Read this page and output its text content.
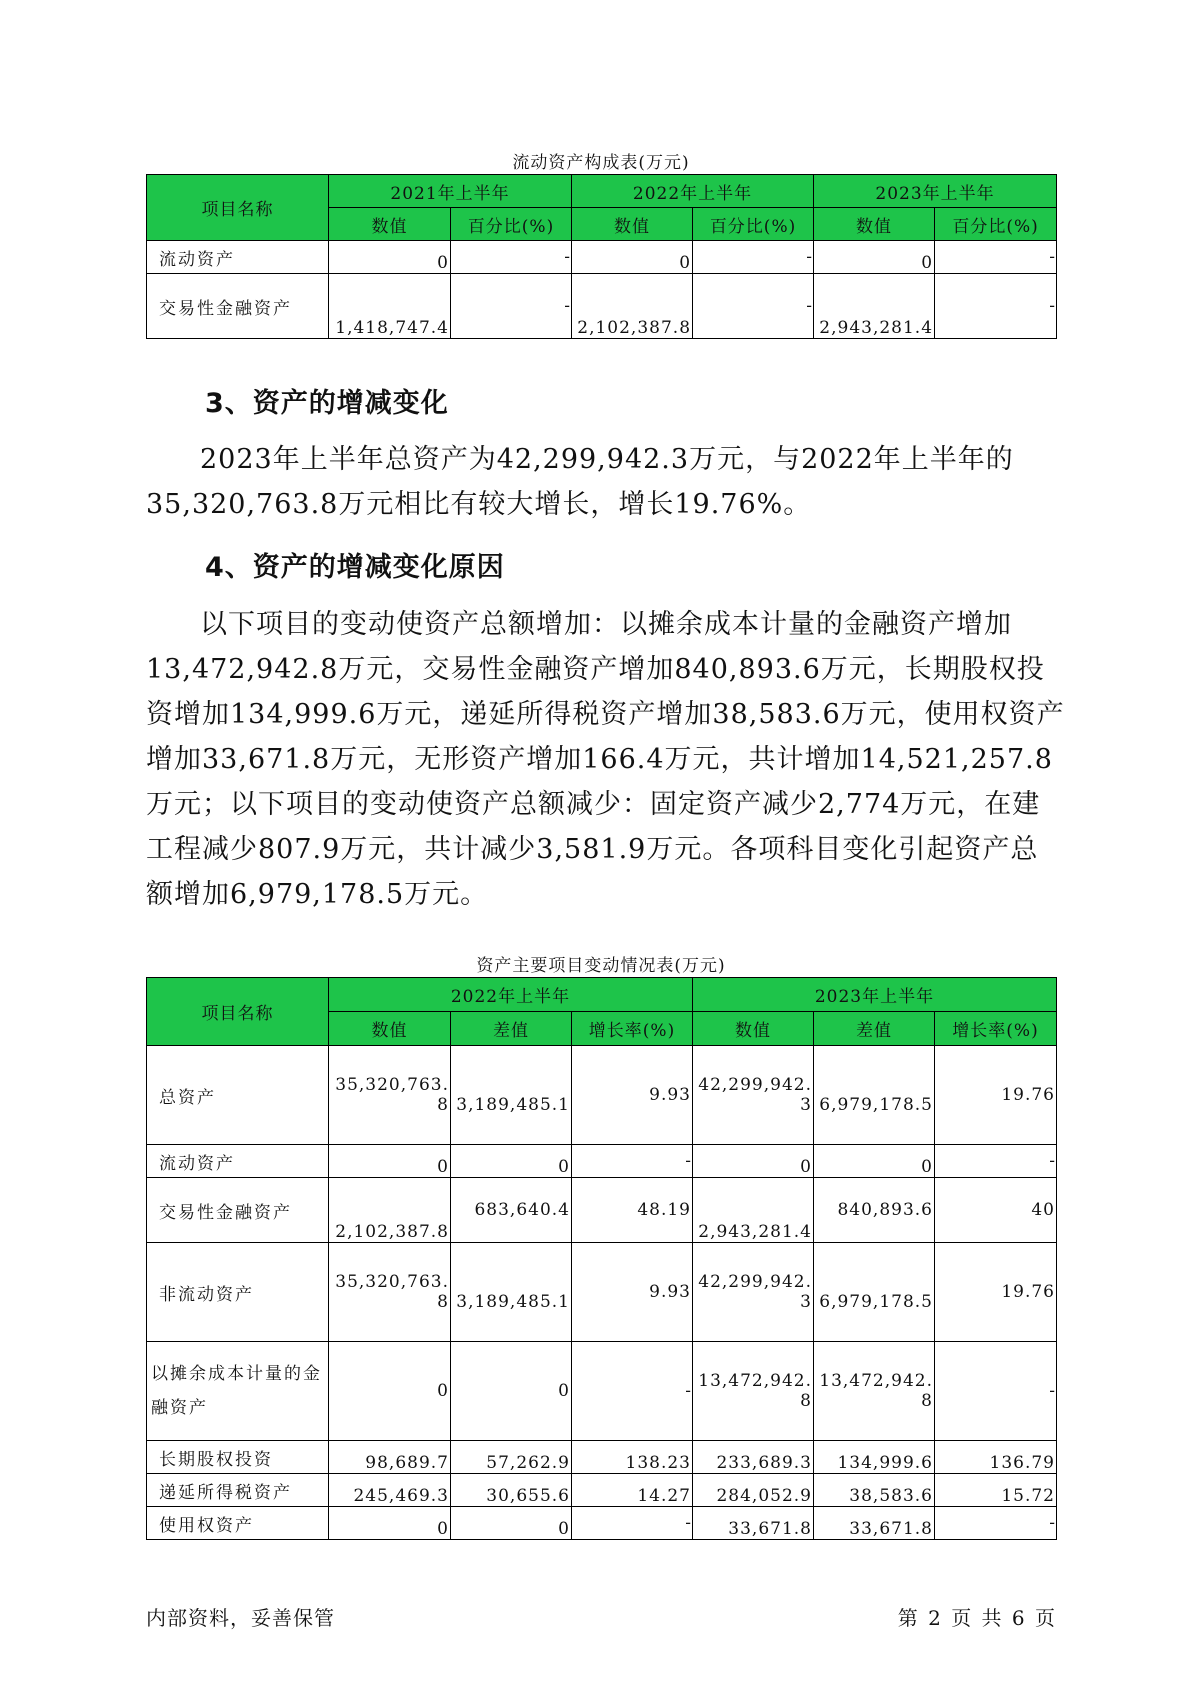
流动资产构成表(万元)
项目名称	2021年上半年		2022年上半年		2023年上半年	
	数值	百分比(%)	数值	百分比(%)	数值	百分比(%)
流动资产	0	-	0	-	0	-
交易性金融资产	1,418,747.4	-	2,102,387.8	-	2,943,281.4	-
3、资产的增减变化
2023年上半年总资产为42,299,942.3万元，与2022年上半年的35,320,763.8万元相比有较大增长，增长19.76%。
4、资产的增减变化原因
以下项目的变动使资产总额增加：以摊余成本计量的金融资产增加13,472,942.8万元，交易性金融资产增加840,893.6万元，长期股权投资增加134,999.6万元，递延所得税资产增加38,583.6万元，使用权资产增加33,671.8万元，无形资产增加166.4万元，共计增加14,521,257.8万元；以下项目的变动使资产总额减少：固定资产减少2,774万元，在建工程减少807.9万元，共计减少3,581.9万元。各项科目变化引起资产总额增加6,979,178.5万元。
资产主要项目变动情况表(万元)
项目名称	2022年上半年			2023年上半年		
	数值	差值	增长率(%)	数值	差值	增长率(%)
总资产	35,320,763.8	3,189,485.1	9.93	42,299,942.3	6,979,178.5	19.76
流动资产	0	0	-	0	0	-
交易性金融资产	2,102,387.8	683,640.4	48.19	2,943,281.4	840,893.6	40
非流动资产	35,320,763.8	3,189,485.1	9.93	42,299,942.3	6,979,178.5	19.76
以摊余成本计量的金融资产	0	0	-	13,472,942.8	13,472,942.8	-
长期股权投资	98,689.7	57,262.9	138.23	233,689.3	134,999.6	136.79
递延所得税资产	245,469.3	30,655.6	14.27	284,052.9	38,583.6	15.72
使用权资产	0	0	-	33,671.8	33,671.8	-
内部资料，妥善保管	第 2 页 共 6 页
